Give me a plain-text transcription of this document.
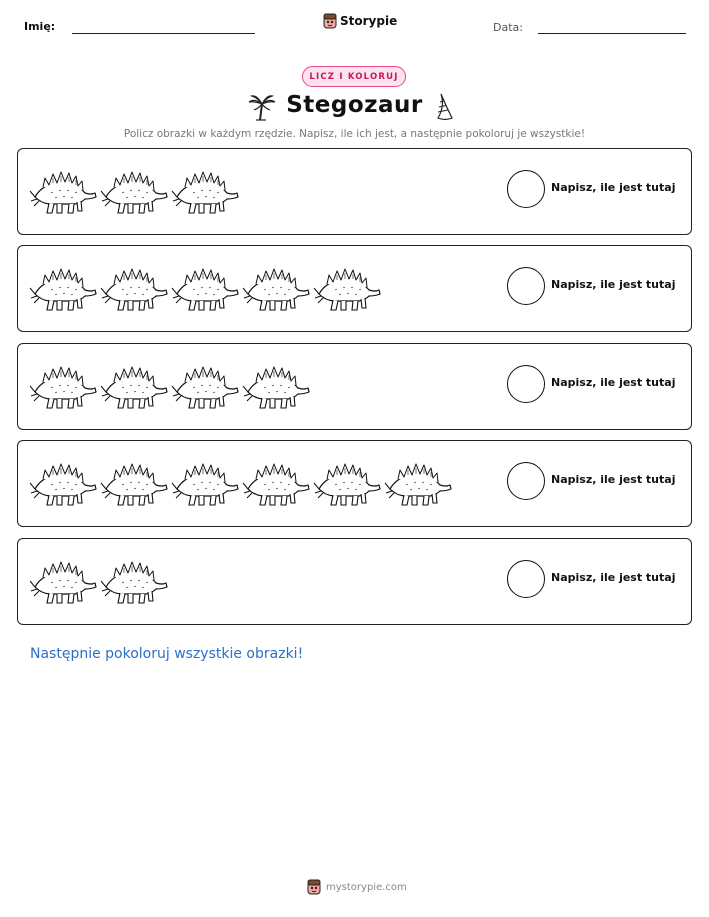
Imię:	Storypie	Data:
LICZ I KOLORUJ
Stegozaur
Policz obrazki w każdym rzędzie. Napisz, ile ich jest, a następnie pokoloruj je wszystkie!
Napisz, ile jest tutaj
Napisz, ile jest tutaj
Napisz, ile jest tutaj
Napisz, ile jest tutaj
Napisz, ile jest tutaj
Następnie pokoloruj wszystkie obrazki!
mystorypie.com
